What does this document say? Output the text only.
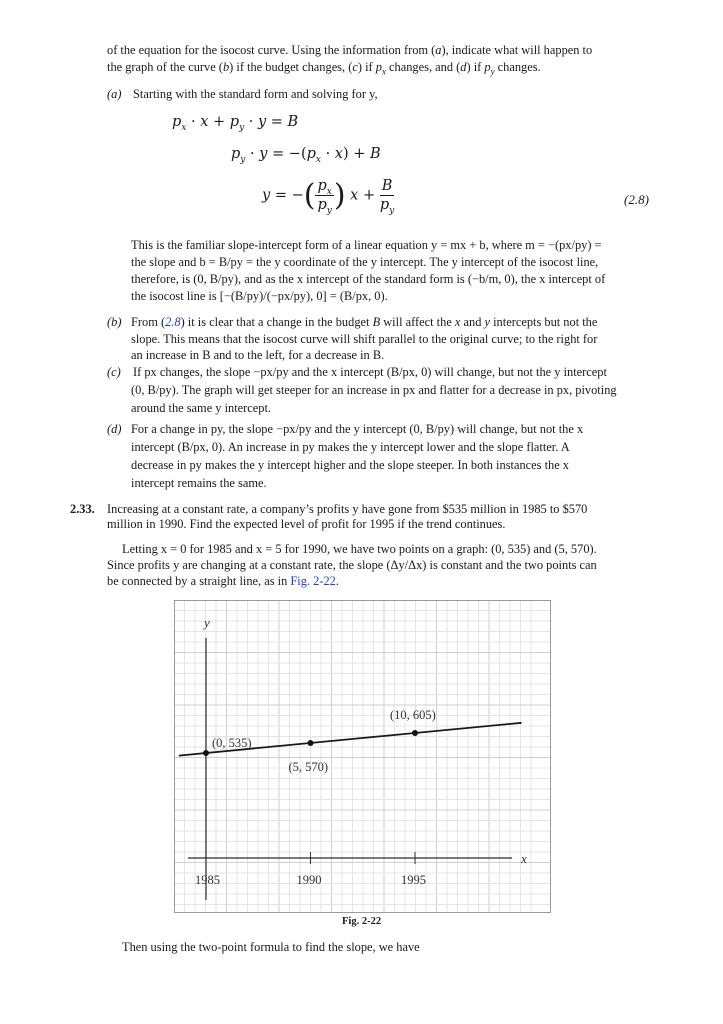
of the equation for the isocost curve. Using the information from (a), indicate what will happen to

the graph of the curve (b) if the budget changes, (c) if $p_x$ changes, and (d) if $p_y$ changes.

(a) Starting with the standard form and solving for y,
$p_x \cdot x + p_y \cdot y = B$
$p_y \cdot y = -(p_x \cdot x) + B$
y = −( $\frac{p_x}{p_y}$ ) $x + \frac{B}{p_y}$	(2.8)

This is the familiar slope-intercept form of a linear equation y = mx + b, where m = −(px/py) =

the slope and b = B/py = the y coordinate of the y intercept. The y intercept of the isocost line,

therefore, is (0, B/py), and as the x intercept of the standard form is (−b/m, 0), the x intercept of

the isocost line is [−(B/py)/(−px/py), 0] = (B/px, 0).

(b) From (2.8) it is clear that a change in the budget B will affect the x and y intercepts but not the

slope. This means that the isocost curve will shift parallel to the original curve; to the right for

an increase in B and to the left, for a decrease in B.

(c) If px changes, the slope −px/py and the x intercept (B/px, 0) will change, but not the y intercept

(0, B/py). The graph will get steeper for an increase in px and flatter for a decrease in px, pivoting

around the same y intercept.

(d) For a change in py, the slope −px/py and the y intercept (0, B/py) will change, but not the x

intercept (B/px, 0). An increase in py makes the y intercept lower and the slope flatter. A

decrease in py makes the y intercept higher and the slope steeper. In both instances the x

intercept remains the same.

2.33. Increasing at a constant rate, a company’s profits y have gone from $535 million in 1985 to $570

million in 1990. Find the expected level of profit for 1995 if the trend continues.

Letting x = 0 for 1985 and x = 5 for 1990, we have two points on a graph: (0, 535) and (5, 570).

Since profits y are changing at a constant rate, the slope (Δy/Δx) is constant and the two points can

be connected by a straight line, as in Fig. 2-22.

y
x
1985	1990	1995
(0, 535)
(5, 570)
(10, 605)
Fig. 2-22

Then using the two-point formula to find the slope, we have
